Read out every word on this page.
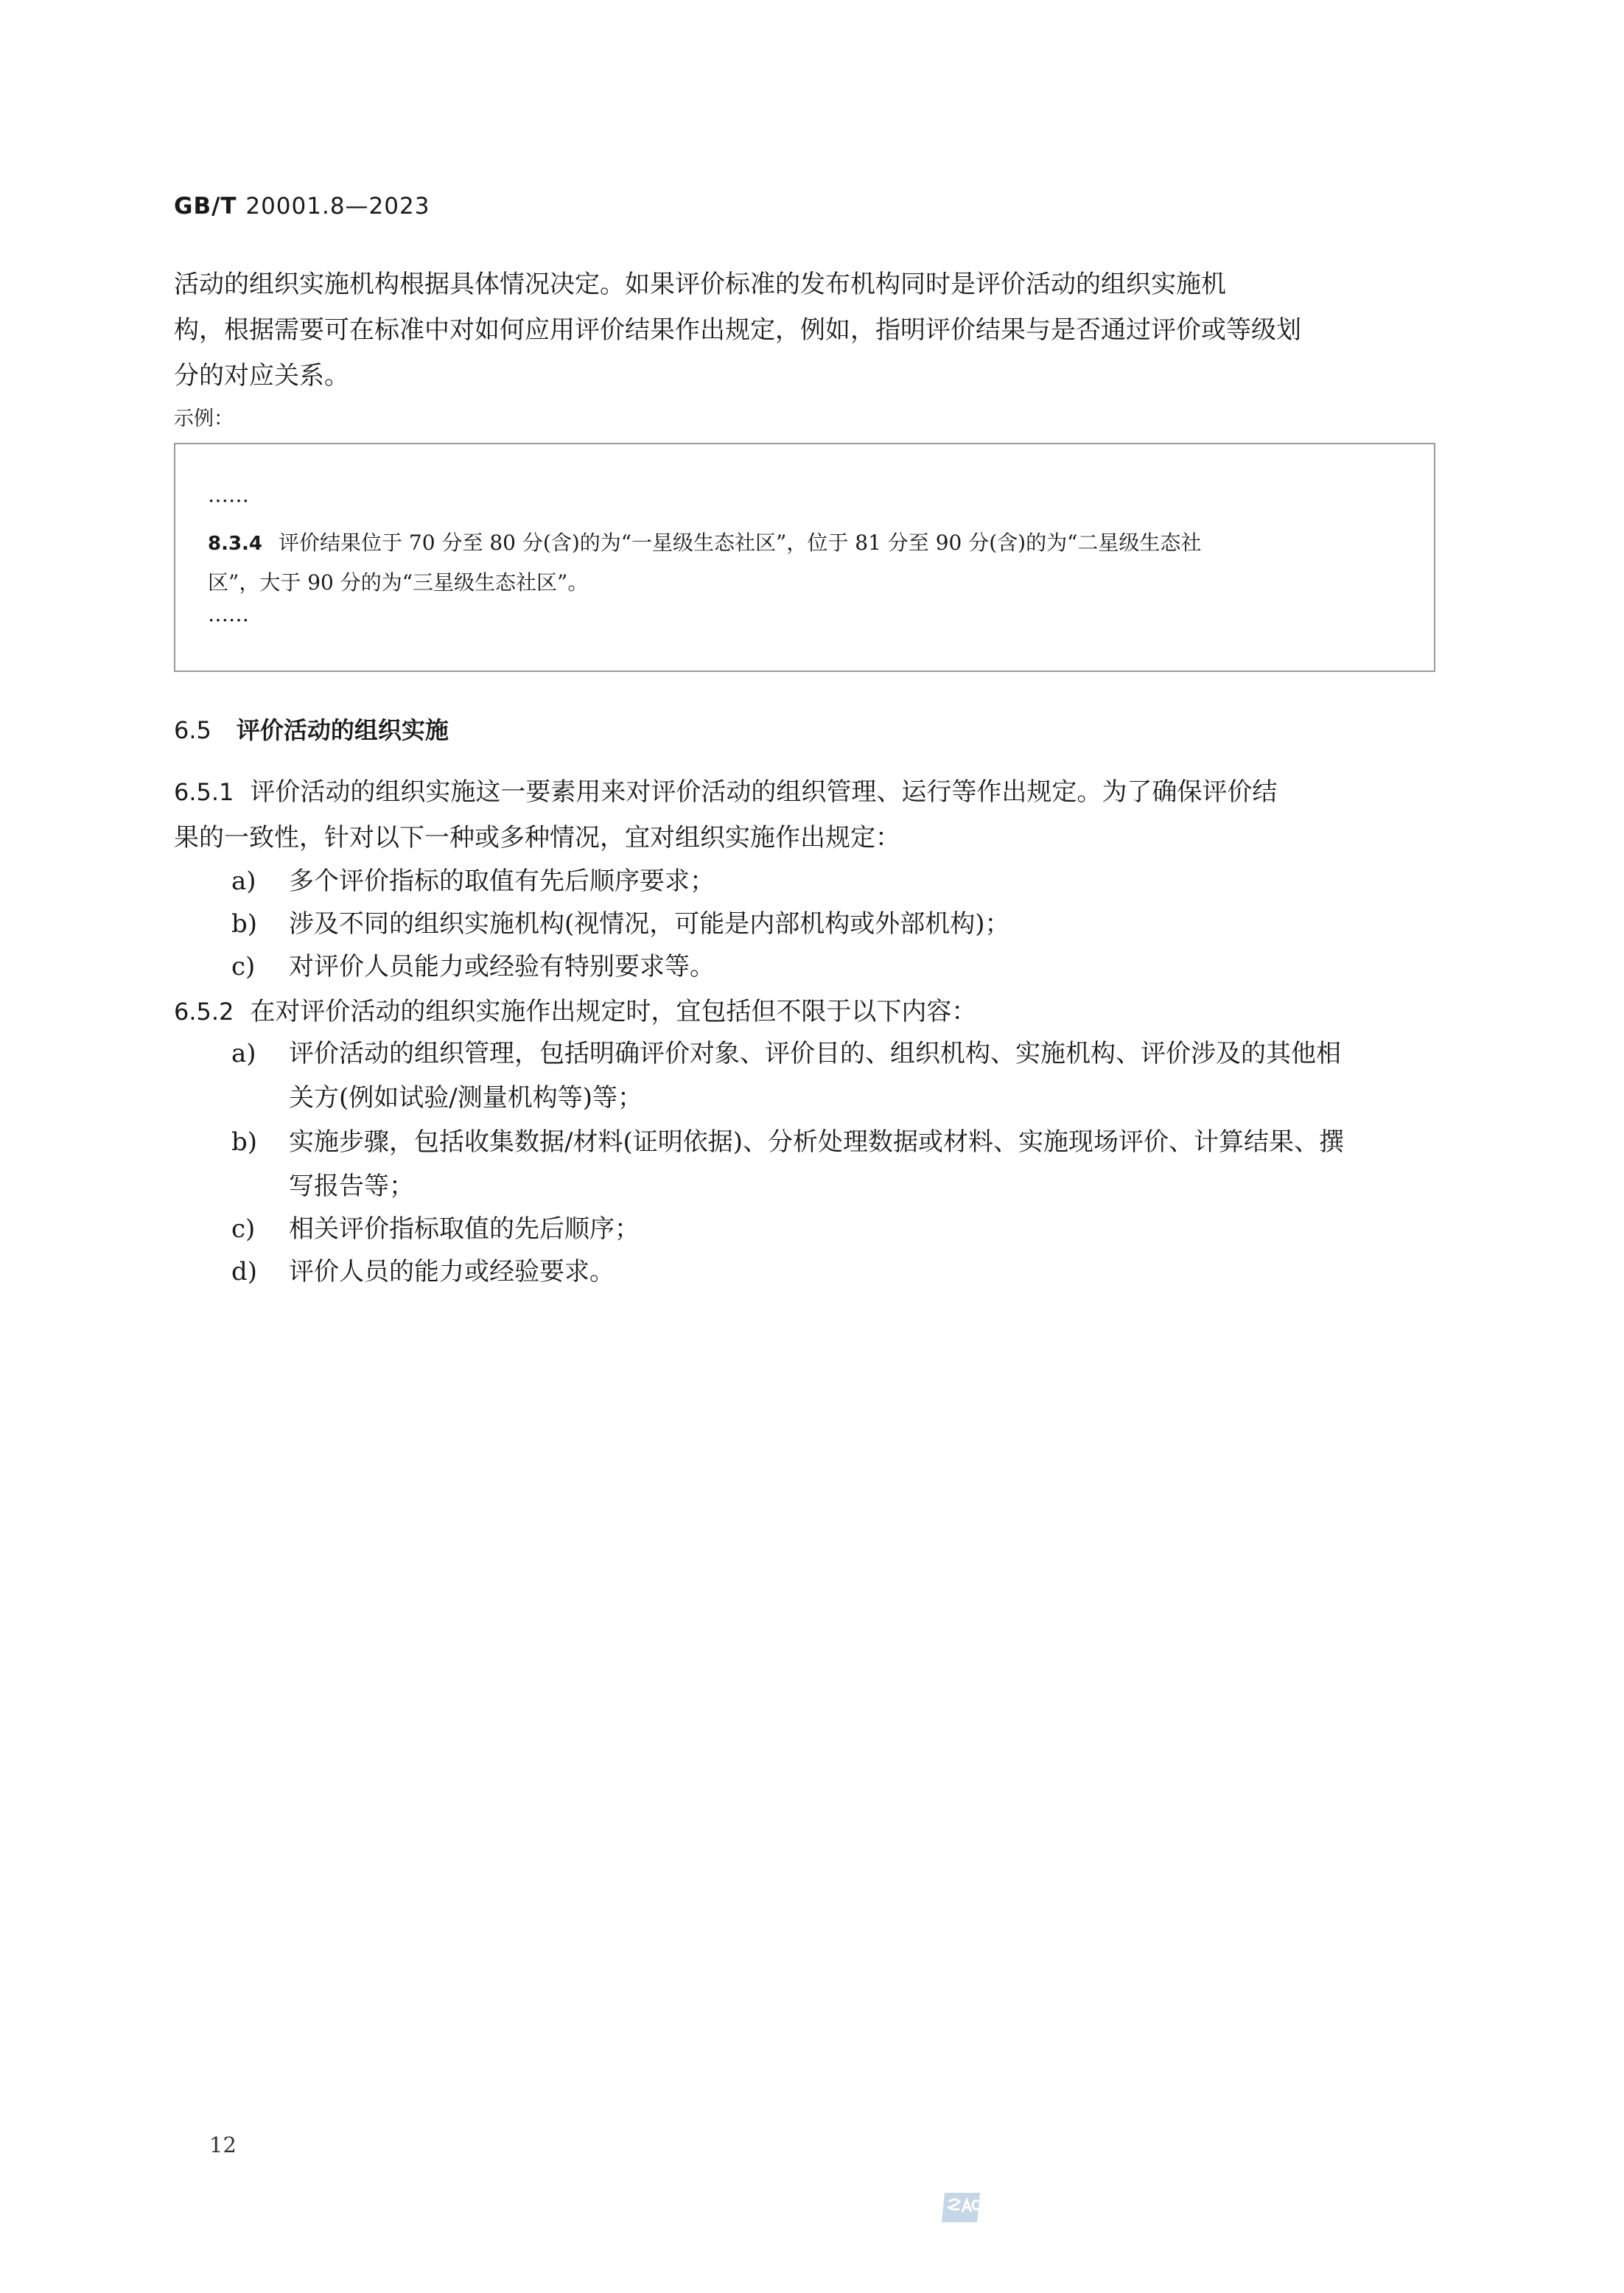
GB/T 20001.8—2023
活动的组织实施机构根据具体情况决定。如果评价标准的发布机构同时是评价活动的组织实施机
构，根据需要可在标准中对如何应用评价结果作出规定，例如，指明评价结果与是否通过评价或等级划
分的对应关系。
示例：
……
8.3.4 评价结果位于 70 分至 80 分(含)的为“一星级生态社区”，位于 81 分至 90 分(含)的为“二星级生态社
区”，大于 90 分的为“三星级生态社区”。
……
6.5 评价活动的组织实施
6.5.1 评价活动的组织实施这一要素用来对评价活动的组织管理、运行等作出规定。为了确保评价结
果的一致性，针对以下一种或多种情况，宜对组织实施作出规定：
a)	多个评价指标的取值有先后顺序要求；
b)	涉及不同的组织实施机构(视情况，可能是内部机构或外部机构)；
c)	对评价人员能力或经验有特别要求等。
6.5.2 在对评价活动的组织实施作出规定时，宜包括但不限于以下内容：
a)	评价活动的组织管理，包括明确评价对象、评价目的、组织机构、实施机构、评价涉及的其他相
关方(例如试验/测量机构等)等；
b)	实施步骤，包括收集数据/材料(证明依据)、分析处理数据或材料、实施现场评价、计算结果、撰
写报告等；
c)	相关评价指标取值的先后顺序；
d)	评价人员的能力或经验要求。
12
